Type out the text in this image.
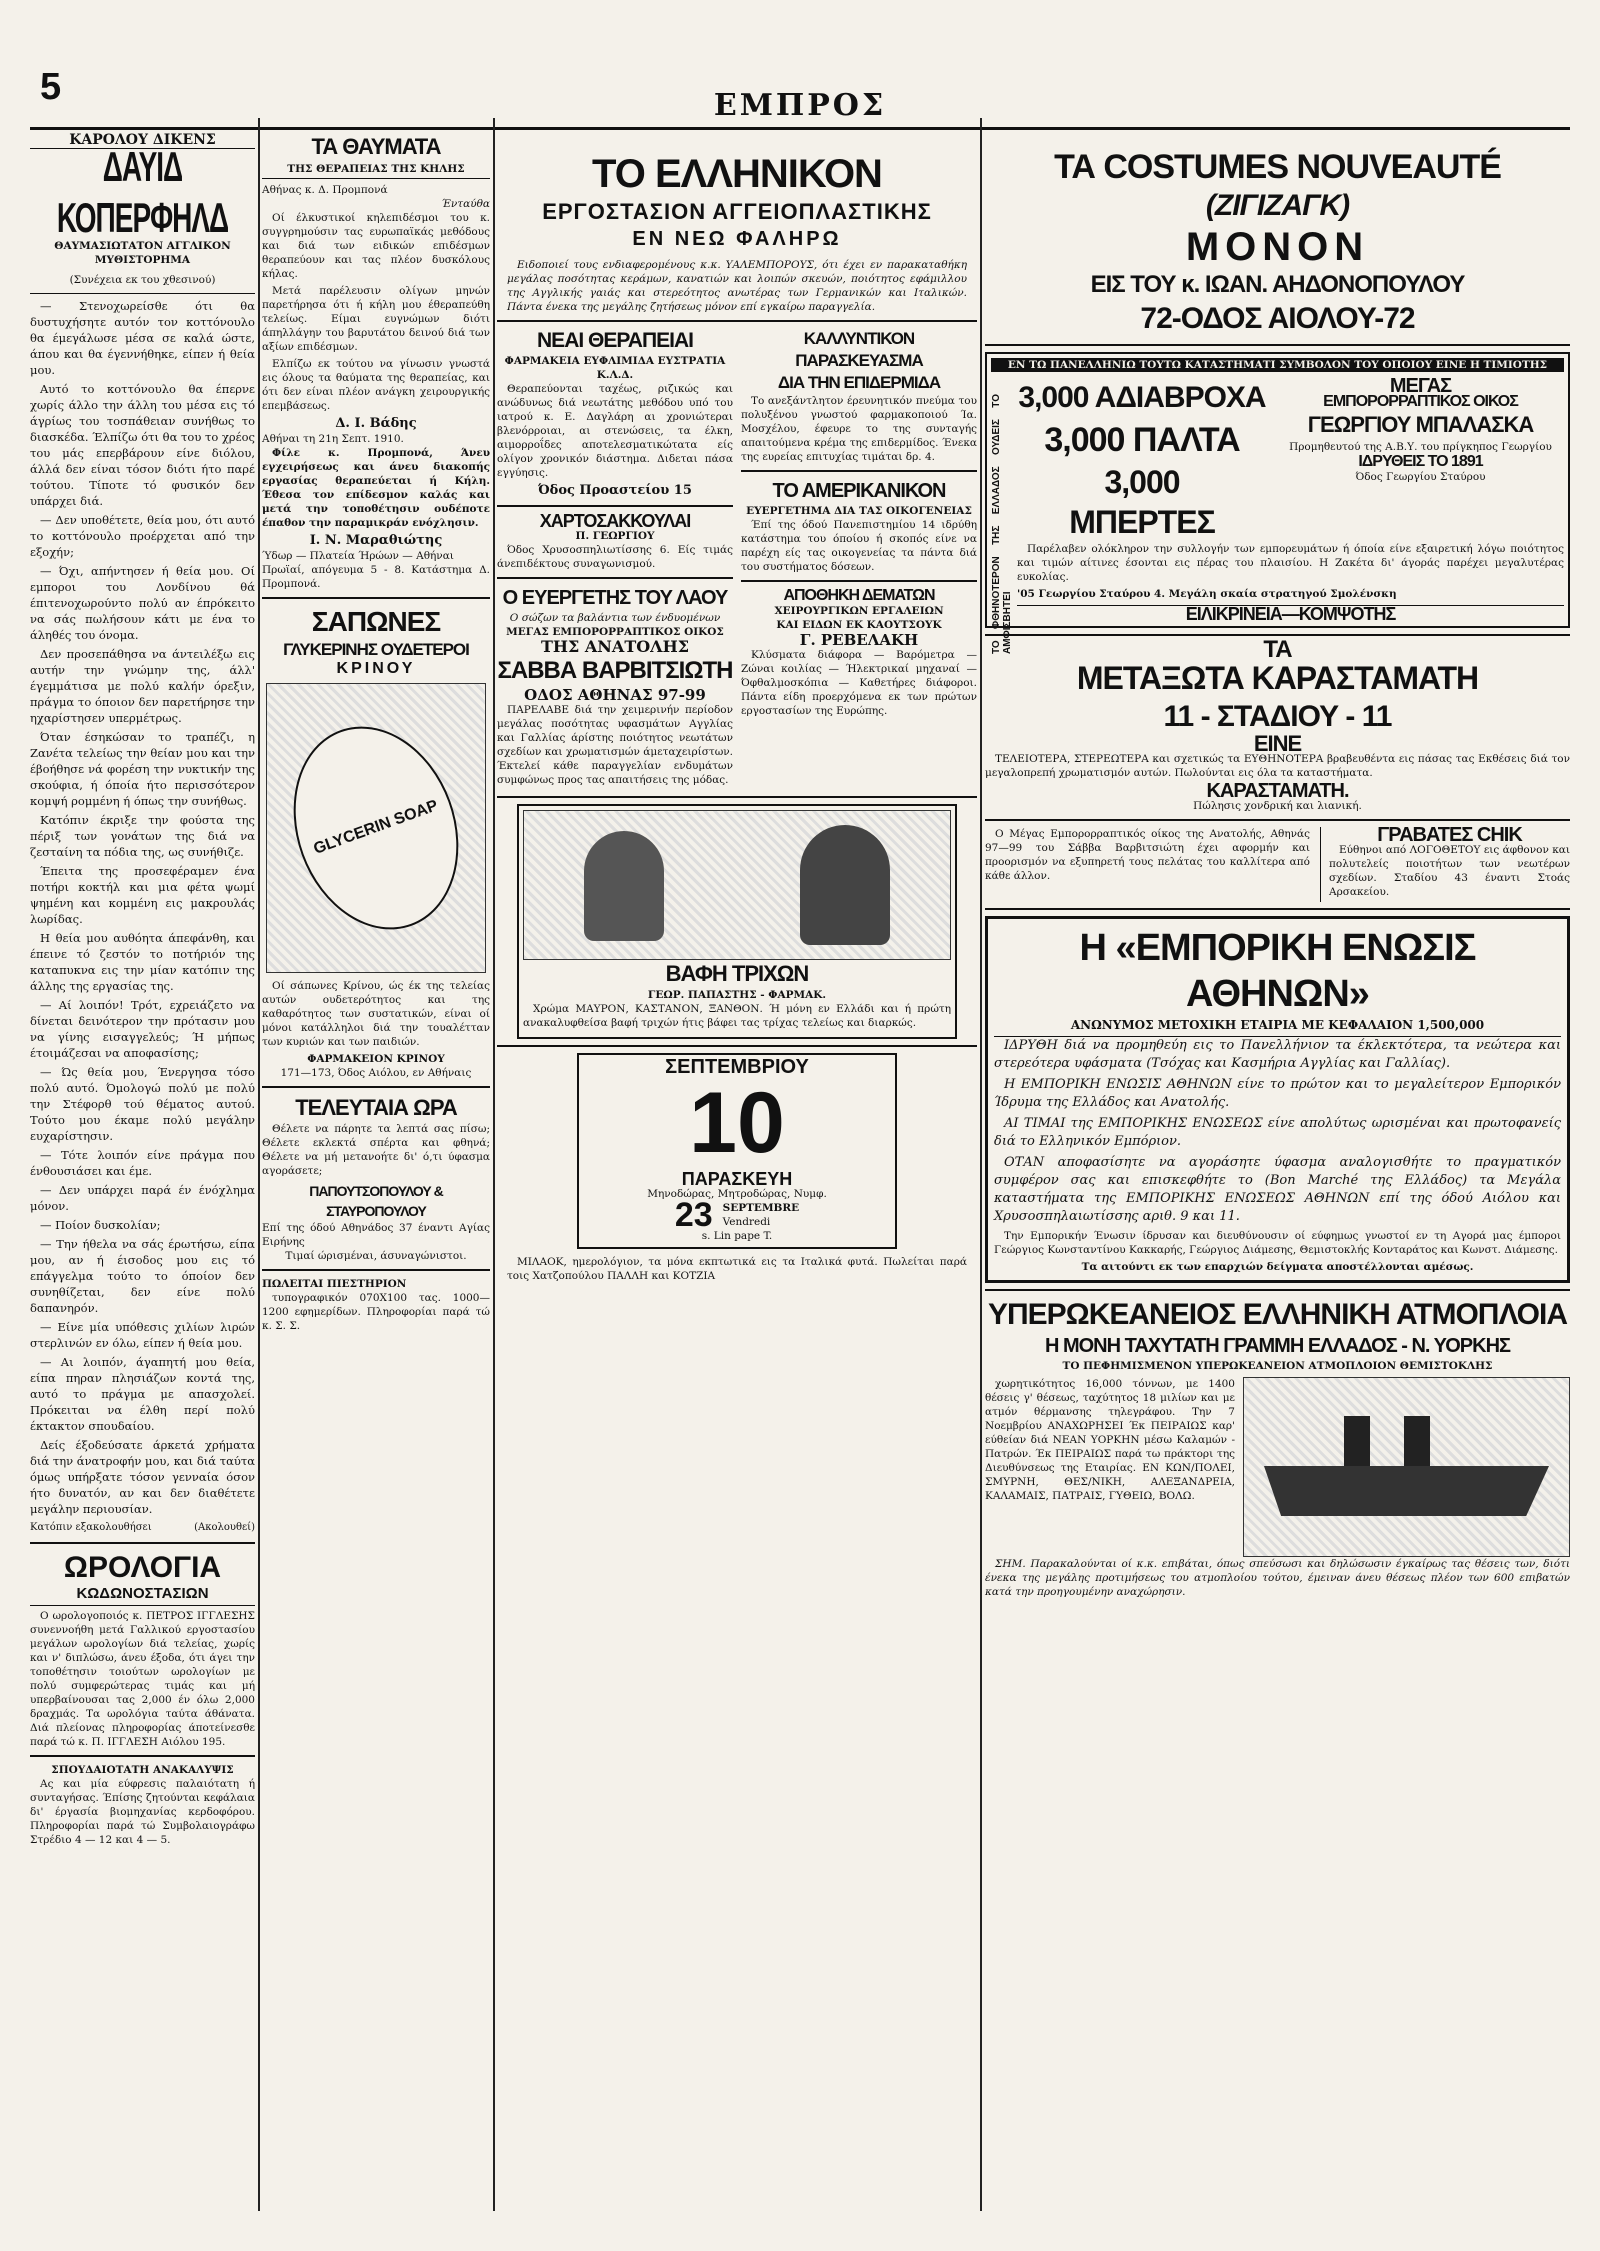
5	ΕΜΠΡΟΣ
ΚΑΡΟΛΟΥ ΔΙΚΕΝΣ
ΔΑΥΙΔ ΚΟΠΕΡΦΗΛΔ
ΘΑΥΜΑΣΙΩΤΑΤΟΝ ΑΓΓΛΙΚΟΝ ΜΥΘΙΣΤΟΡΗΜΑ
(Συνέχεια εκ του χθεσινού)

— Στενοχωρείσθε ότι θα δυστυχήσητε αυτόν τον κοττόνουλο θα έμεγάλωσε μέσα σε καλά ώστε, άπου και θα έγεννήθηκε, είπεν ή θεία μου.

Αυτό το κοττόνουλο θα έπερνε χωρίς άλλο την άλλη του μέσα εις τό άγρίως του τοσπάθειαν συνήθως το διασκέδα. Έλπίζω ότι θα του το χρέος του μάς επερβάρουν είνε διόλου, άλλά δεν είναι τόσον διότι ήτο παρέ τούτου. Τίποτε τό φυσικόν δεν υπάρχει διά.

— Δεν υποθέτετε, θεία μου, ότι αυτό το κοττόνουλο προέρχεται από την εξοχήν;

— Όχι, απήντησεν ή θεία μου. Οί εμποροι του Λονδίνου θά έπιτενοχωρούντο πολύ αν έπρόκειτο να σάς πωλήσουν κάτι με ένα το άληθές του όνομα.

Δεν προσεπάθησα να άντειλέξω εις αυτήν την γνώμην της, άλλ' έγεμμάτισα με πολύ καλήν όρεξιν, πράγμα το όποιον δεν παρετήρησε την ηχαρίστησεν υπερμέτρως.

Όταν έσηκώσαν το τραπέζι, η Ζανέτα τελείως την θείαν μου και την έβοήθησε νά φορέση την νυκτικήν της σκούφια, ή όποία ήτο περισσότερον κομψή ρομμένη ή όπως την συνήθως.

Κατόπιν έκριξε την φούστα της πέριξ των γονάτων της διά να ζεσταίνη τα πόδια της, ως συνήθιζε.

Έπειτα της προσεφέραμεν ένα ποτήρι κοκτήλ και μια φέτα ψωμί ψημένη και κομμένη εις μακρουλάς λωρίδας.

Η θεία μου αυθόητα άπεφάνθη, και έπεινε τό ζεστόν το ποτήριόν της καταπυκνα εις την μίαν κατόπιν της άλλης της εργασίας της.

— Αί λοιπόν! Τρότ, εχρειάζετο να δίνεται δεινότερον την πρότασιν μου να γίνης εισαγγελεύς; Ή μήπως έτοιμάζεσαι να αποφασίσης;

— Ώς θεία μου, Ένεργησα τόσο πολύ αυτό. Όμολογώ πολύ με πολύ την Στέφορθ τού θέματος αυτού. Τούτο μου έκαμε πολύ μεγάλην ευχαρίστησιν.

— Τότε λοιπόν είνε πράγμα που ένθουσιάσει και έμε.

— Δεν υπάρχει παρά έν ένόχλημα μόνον.

— Ποίον δυσκολίαν;

— Την ήθελα να σάς έρωτήσω, είπα μου, αν ή έισοδος μου εις τό επάγγελμα τούτο το όποίον δεν συνηθίζεται, δεν είνε πολύ δαπανηρόν.

— Είνε μία υπόθεσις χιλίων λιρών στερλινών εν όλω, είπεν ή θεία μου.

— Αι λοιπόν, άγαπητή μου θεία, είπα πηραν πλησιάζων κοντά της, αυτό το πράγμα με απασχολεί. Πρόκειται να έλθη περί πολύ έκτακτον σπουδαίου.

Δείς έξοδεύσατε άρκετά χρήματα διά την άνατροφήν μου, και διά ταύτα όμως υπήρξατε τόσον γενναία όσον ήτο δυνατόν, αν και δεν διαθέτετε μεγάλην περιουσίαν.

Κατόπιν εξακολουθήσει	(Ακολουθεί)
ΩΡΟΛΟΓΙΑ
ΚΩΔΩΝΟΣΤΑΣΙΩΝ

Ο ωρολογοποιός κ. ΠΕΤΡΟΣ ΙΓΓΛΕΣΗΣ συνεννοήθη μετά Γαλλικού εργοστασίου μεγάλων ωρολογίων διά τελείας, χωρίς και ν' διπλώσω, άνευ έξοδα, ότι άγει την τοποθέτησιν τοιούτων ωρολογίων με πολύ συμφερώτερας τιμάς και μή υπερβαίνουσαι τας 2,000 έν όλω 2,000 δραχμάς. Τα ωρολόγια ταύτα άθάνατα. Διά πλείονας πληροφορίας άποτείνεσθε παρά τώ κ. Π. ΙΓΓΛΕΣΗ Αιόλου 195.

ΣΠΟΥΔΑΙΟΤΑΤΗ ΑΝΑΚΑΛΥΨΙΣ

Ας και μία εύφρεσις παλαιότατη ή συνταγήσας. Έπίσης ζητούνται κεφάλαια δι' έργασία βιομηχανίας κερδοφόρου. Πληροφορίαι παρά τώ Συμβολαιογράφω Στρέδιο 4 — 12 και 4 — 5.

ΤΑ ΘΑΥΜΑΤΑ
ΤΗΣ ΘΕΡΑΠΕΙΑΣ ΤΗΣ ΚΗΛΗΣ
Αθήνας κ. Δ. Προμπονά
Ένταύθα

Οί έλκυστικοί κηλεπιδέσμοι του κ. συγγρημούσιν τας ευρωπαϊκάς μεθόδους και διά των ειδικών επιδέσμων θεραπεύουν και τας πλέον δυσκόλους κήλας.

Μετά παρέλευσιν ολίγων μηνών παρετήρησα ότι ή κήλη μου έθεραπεύθη τελείως. Είμαι ευγνώμων διότι άπηλλάγην του βαρυτάτου δεινού διά των αξίων επιδέσμων.

Ελπίζω εκ τούτου να γίνωσιν γνωστά εις όλους τα θαύματα της θεραπείας, και ότι δεν είναι πλέον ανάγκη χειρουργικής επεμβάσεως.

Δ. Ι. Βάδης
Αθήναι τη 21η Σεπτ. 1910.

Φίλε κ. Προμπονά, Άνευ εγχειρήσεως και άνευ διακοπής εργασίας θεραπεύεται ή Κήλη. Έθεσα τον επίδεσμον καλάς και μετά την τοποθέτησιν ουδέποτε έπαθον την παραμικράν ενόχλησιν.

Ι. Ν. Μαραθιώτης
Ύδωρ — Πλατεία Ήρώων — Αθήναι
Πρωϊαί, απόγευμα 5 - 8. Κατάστημα Δ. Προμπονά.
ΣΑΠΩΝΕΣ
ΓΛΥΚΕΡΙΝΗΣ ΟΥΔΕΤΕΡΟΙ
ΚΡΙΝΟΥ
GLYCERIN SOAP

Οί σάπωνες Κρίνου, ώς έκ της τελείας αυτών ουδετερότητος και της καθαρότητος των συστατικών, είναι οί μόνοι κατάλληλοι διά την τουαλέτταν των κυριών και των παιδιών.

ΦΑΡΜΑΚΕΙΟΝ ΚΡΙΝΟΥ
171—173, Όδος Αιόλου, εν Αθήναις
ΤΕΛΕΥΤΑΙΑ ΩΡΑ

Θέλετε να πάρητε τα λεπτά σας πίσω; Θέλετε εκλεκτά σπέρτα και φθηνά; Θέλετε να μή μετανοήτε δι' ό,τι ύφασμα αγοράσετε;

ΠΑΠΟΥΤΣΟΠΟΥΛΟΥ & ΣΤΑΥΡΟΠΟΥΛΟΥ
Επί της όδού Αθηνάδος 37 έναντι Αγίας Ειρήνης
Τιμαί ώρισμέναι, άσυναγώνιστοι.
ΠΩΛΕΙΤΑΙ ΠΙΕΣΤΗΡΙΟΝ

τυπογραφικόν 070Χ100 τας. 1000—1200 εφημερίδων. Πληροφορίαι παρά τώ κ. Σ. Σ.

ΤΟ ΕΛΛΗΝΙΚΟΝ
ΕΡΓΟΣΤΑΣΙΟΝ ΑΓΓΕΙΟΠΛΑΣΤΙΚΗΣ
ΕΝ ΝΕΩ ΦΑΛΗΡΩ

Ειδοποιεί τους ενδιαφερομένους κ.κ. ΥΑΛΕΜΠΟΡΟΥΣ, ότι έχει εν παρακαταθήκη μεγάλας ποσότητας κεράμων, κανατιών και λοιπών σκευών, ποιότητος εφάμιλλου της Αγγλικής γαιάς και στερεότητος ανωτέρας των Γερμανικών και Ιταλικών. Πάντα ένεκα της μεγάλης ζητήσεως μόνον επί εγκαίρω παραγγελία.

ΝΕΑΙ ΘΕΡΑΠΕΙΑΙ
ΦΑΡΜΑΚΕΙΑ ΕΥΦΛΙΜΙΔΑ ΕΥΣΤΡΑΤΙΑ Κ.Λ.Δ.

Θεραπεύονται ταχέως, ριζικώς και ανώδυνως διά νεωτάτης μεθόδου υπό του ιατρού κ. Ε. Δαγλάρη αι χρονιώτεραι βλενόρροιαι, αι στενώσεις, τα έλκη, αιμορροΐδες αποτελεσματικώτατα είς ολίγον χρονικόν διάστημα. Διδεται πάσα εγγύησις.

Όδος Προαστείου 15
ΧΑΡΤΟΣΑΚΚΟΥΛΑΙ
Π. ΓΕΩΡΓΙΟΥ

Όδος Χρυσοσπηλιωτίσσης 6. Είς τιμάς άνεπιδέκτους συναγωνισμού.

Ο ΕΥΕΡΓΕΤΗΣ ΤΟΥ ΛΑΟΥ
Ο σώζων τα βαλάντια των ένδυομένων
ΜΕΓΑΣ ΕΜΠΟΡΟΡΡΑΠΤΙΚΟΣ ΟΙΚΟΣ
ΤΗΣ ΑΝΑΤΟΛΗΣ
ΣΑΒΒΑ ΒΑΡΒΙΤΣΙΩΤΗ
ΟΔΟΣ ΑΘΗΝΑΣ 97-99

ΠΑΡΕΛΑΒΕ διά την χειμερινήν περίοδον μεγάλας ποσότητας υφασμάτων Αγγλίας και Γαλλίας άρίστης ποιότητος νεωτάτων σχεδίων και χρωματισμών άμεταχειρίστων. Έκτελεί κάθε παραγγελίαν ενδυμάτων συμφώνως προς τας απαιτήσεις της μόδας.

ΚΑΛΛΥΝΤΙΚΟΝ ΠΑΡΑΣΚΕΥΑΣΜΑ
ΔΙΑ ΤΗΝ ΕΠΙΔΕΡΜΙΔΑ

Το ανεξάντλητον έρευνητικόν πνεύμα του πολυξένου γνωστού φαρμακοποιού Ία. Μοσχέλου, έφευρε το της συνταγής απαιτούμενα κρέμα της επιδερμίδος. Ένεκα της ευρείας επιτυχίας τιμάται δρ. 4.

ΤΟ ΑΜΕΡΙΚΑΝΙΚΟΝ
ΕΥΕΡΓΕΤΗΜΑ ΔΙΑ ΤΑΣ ΟΙΚΟΓΕΝΕΙΑΣ

Έπί της όδού Πανεπιστημίου 14 ιδρύθη κατάστημα του όποίου ή σκοπός είνε να παρέχη είς τας οικογενείας τα πάντα διά του συστήματος δόσεων.

ΑΠΟΘΗΚΗ ΔΕΜΑΤΩΝ
ΧΕΙΡΟΥΡΓΙΚΩΝ ΕΡΓΑΛΕΙΩΝ
ΚΑΙ ΕΙΔΩΝ ΕΚ ΚΑΟΥΤΣΟΥΚ
Γ. ΡΕΒΕΛΑΚΗ

Κλύσματα διάφορα — Βαρόμετρα — Ζώναι κοιλίας — Ήλεκτρικαί μηχαναί — Όφθαλμοσκόπια — Καθετήρες διάφοροι. Πάντα είδη προερχόμενα εκ των πρώτων εργοστασίων της Ευρώπης.

ΒΑΦΗ ΤΡΙΧΩΝ
ΓΕΩΡ. ΠΑΠΑΣΤΗΣ - ΦΑΡΜΑΚ.

Χρώμα ΜΑΥΡΟΝ, ΚΑΣΤΑΝΟΝ, ΞΑΝΘΟΝ. Ή μόνη εν Ελλάδι και ή πρώτη ανακαλυφθείσα βαφή τριχών ήτις βάφει τας τρίχας τελείως και διαρκώς.

ΣΕΠΤΕΜΒΡΙΟΥ
10
ΠΑΡΑΣΚΕΥΗ
Μηνοδώρας, Μητροδώρας, Νυμφ.
23 SEPTEMBRE
Vendredi
s. Lin pape T.

ΜΙΛΑΟΚ, ημερολόγιον, τα μόνα εκπτωτικά εις τα Ιταλικά φυτά. Πωλείται παρά τοις Χατζοπούλου ΠΑΛΛΗ και ΚΟΤΖΙΑ

ΤΑ COSTUMES NOUVEAUTÉ
(ΖΙΓΙΖΑΓΚ)
ΜΟΝΟΝ
ΕΙΣ ΤΟΥ κ. ΙΩΑΝ. ΑΗΔΟΝΟΠΟΥΛΟΥ
72-ΟΔΟΣ ΑΙΟΛΟΥ-72
ΕΝ ΤΩ ΠΑΝΕΛΛΗΝΙΩ ΤΟΥΤΩ ΚΑΤΑΣΤΗΜΑΤΙ ΣΥΜΒΟΛΟΝ ΤΟΥ ΟΠΟΙΟΥ ΕΙΝΕ Η ΤΙΜΙΟΤΗΣ
ΤΟ ΦΘΗΝΟΤΕΡΟΝ ΤΗΣ ΕΛΛΑΔΟΣ ΟΥΔΕΙΣ ΤΟ ΑΜΦΙΣΒΗΤΕΙ
3,000 ΑΔΙΑΒΡΟΧΑ
3,000 ΠΑΛΤΑ
3,000
ΜΠΕΡΤΕΣ
ΜΕΓΑΣ
ΕΜΠΟΡΟΡΡΑΠΤΙΚΟΣ ΟΙΚΟΣ
ΓΕΩΡΓΙΟΥ ΜΠΑΛΑΣΚΑ
Προμηθευτού της Α.Β.Υ. του πρίγκηπος Γεωργίου
ΙΔΡΥΘΕΙΣ ΤΟ 1891
Όδος Γεωργίου Σταύρου

Παρέλαβεν ολόκληρον την συλλογήν των εμπορευμάτων ή όποία είνε εξαιρετική λόγω ποιότητος και τιμών αίτινες έσονται εις πέρας του πλαισίου. Η Ζακέτα δι' άγοράς παρέχει μεγαλυτέρας ευκολίας.

'05 Γεωργίου Σταύρου 4. Μεγάλη σκαία στρατηγού Σμολένσκη
ΕΙΛΙΚΡΙΝΕΙΑ—ΚΟΜΨΟΤΗΣ
ΤΑ
ΜΕΤΑΞΩΤΑ ΚΑΡΑΣΤΑΜΑΤΗ
11 - ΣΤΑΔΙΟΥ - 11
ΕΙΝΕ

ΤΕΛΕΙΟΤΕΡΑ, ΣΤΕΡΕΩΤΕΡΑ και σχετικώς τα ΕΥΘΗΝΟΤΕΡΑ βραβευθέντα εις πάσας τας Εκθέσεις διά τον μεγαλοπρεπή χρωματισμόν αυτών. Πωλούνται εις όλα τα καταστήματα.

ΚΑΡΑΣΤΑΜΑΤΗ.
Πώλησις χονδρική και λιανική.

Ο Μέγας Εμπορορραπτικός οίκος της Ανατολής, Αθηνάς 97—99 του Σάββα Βαρβιτσιώτη έχει αφορμήν και προορισμόν να εξυπηρετή τους πελάτας του καλλίτερα από κάθε άλλον.

ΓΡΑΒΑΤΕΣ CHIK

Εύθηνοι από ΛΟΓΟΘΕΤΟΥ εις άφθονον και πολυτελείς ποιοτήτων των νεωτέρων σχεδίων. Σταδίου 43 έναντι Στοάς Αρσακείου.

Η «ΕΜΠΟΡΙΚΗ ΕΝΩΣΙΣ ΑΘΗΝΩΝ»
ΑΝΩΝΥΜΟΣ ΜΕΤΟΧΙΚΗ ΕΤΑΙΡΙΑ ΜΕ ΚΕΦΑΛΑΙΟΝ 1,500,000

ΙΔΡΥΘΗ διά να προμηθεύη εις το Πανελλήνιον τα έκλεκτότερα, τα νεώτερα και στερεότερα υφάσματα (Τσόχας και Κασμήρια Αγγλίας και Γαλλίας).

Η ΕΜΠΟΡΙΚΗ ΕΝΩΣΙΣ ΑΘΗΝΩΝ είνε το πρώτον και το μεγαλείτερον Εμπορικόν Ίδρυμα της Ελλάδος και Ανατολής.

ΑΙ ΤΙΜΑΙ της ΕΜΠΟΡΙΚΗΣ ΕΝΩΣΕΩΣ είνε απολύτως ωρισμέναι και πρωτοφανείς διά το Ελληνικόν Εμπόριον.

ΟΤΑΝ αποφασίσητε να αγοράσητε ύφασμα αναλογισθήτε το πραγματικόν συμφέρον σας και επισκεφθήτε το (Bon Marché της Ελλάδος) τα Μεγάλα καταστήματα της ΕΜΠΟΡΙΚΗΣ ΕΝΩΣΕΩΣ ΑΘΗΝΩΝ επί της όδού Αιόλου και Χρυσοσπηλαιωτίσσης αριθ. 9 και 11.

Την Εμπορικήν Ένωσιν ίδρυσαν και διευθύνουσιν οί εύφημως γνωστοί εν τη Αγορά μας έμποροι Γεώργιος Κωνσταντίνου Κακκαρής, Γεώργιος Διάμεσης, Θεμιστοκλής Κονταράτος και Κωνστ. Διάμεσης.

Τα αιτούντι εκ των επαρχιών δείγματα αποστέλλονται αμέσως.
ΥΠΕΡΩΚΕΑΝΕΙΟΣ ΕΛΛΗΝΙΚΗ ΑΤΜΟΠΛΟΙΑ
Η ΜΟΝΗ ΤΑΧΥΤΑΤΗ ΓΡΑΜΜΗ ΕΛΛΑΔΟΣ - Ν. ΥΟΡΚΗΣ
ΤΟ ΠΕΦΗΜΙΣΜΕΝΟΝ ΥΠΕΡΩΚΕΑΝΕΙΟΝ ΑΤΜΟΠΛΟΙΟΝ ΘΕΜΙΣΤΟΚΛΗΣ

χωρητικότητος 16,000 τόννων, με 1400 θέσεις γ' θέσεως, ταχύτητος 18 μιλίων και με ατμόν θέρμανσης τηλεγράφου. Την 7 Νοεμβρίου ΑΝΑΧΩΡΗΣΕΙ Έκ ΠΕΙΡΑΙΩΣ καρ' εύθείαν διά ΝΕΑΝ ΥΟΡΚΗΝ μέσω Καλαμών - Πατρών. Έκ ΠΕΙΡΑΙΩΣ παρά τω πράκτορι της Διευθύνσεως της Εταιρίας. ΕΝ ΚΩΝ/ΠΟΛΕΙ, ΣΜΥΡΝΗ, ΘΕΣ/ΝΙΚΗ, ΑΛΕΞΑΝΔΡΕΙΑ, ΚΑΛΑΜΑΙΣ, ΠΑΤΡΑΙΣ, ΓΥΘΕΙΩ, ΒΟΛΩ.

ΣΗΜ. Παρακαλούνται οί κ.κ. επιβάται, όπως σπεύσωσι και δηλώσωσιν έγκαίρως τας θέσεις των, διότι ένεκα της μεγάλης προτιμήσεως του ατμοπλοίου τούτου, έμειναν άνευ θέσεως πλέον των 600 επιβατών κατά την προηγουμένην αναχώρησιν.
